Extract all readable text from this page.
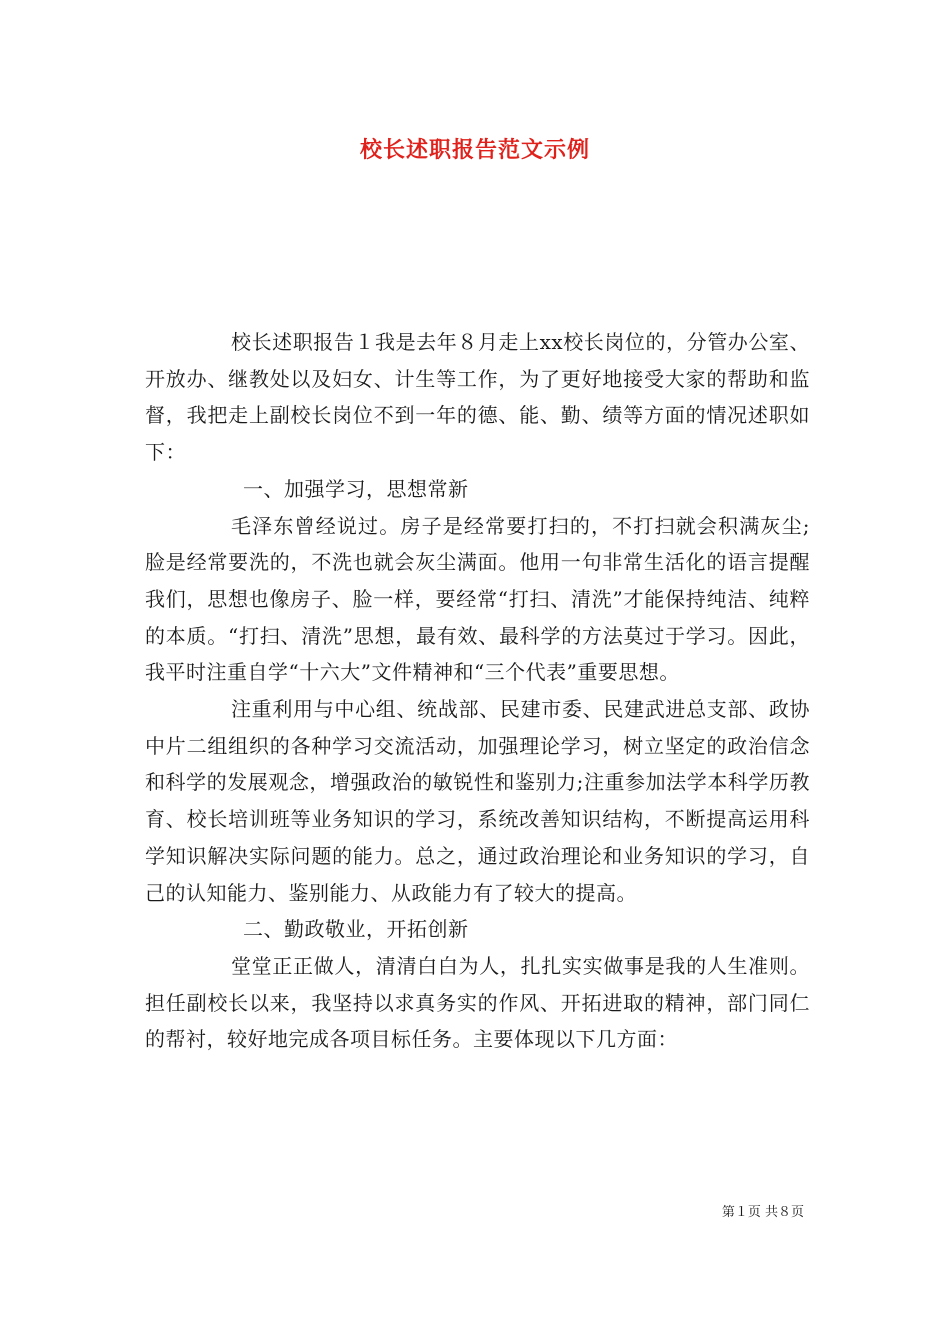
校长述职报告范文示例

校长述职报告１我是去年８月走上xx校长岗位的，分管办公室、开放办、继教处以及妇女、计生等工作，为了更好地接受大家的帮助和监督，我把走上副校长岗位不到一年的德、能、勤、绩等方面的情况述职如下：

一、加强学习，思想常新

毛泽东曾经说过。房子是经常要打扫的，不打扫就会积满灰尘;脸是经常要洗的，不洗也就会灰尘满面。他用一句非常生活化的语言提醒我们，思想也像房子、脸一样，要经常“打扫、清洗”才能保持纯洁、纯粹的本质。“打扫、清洗”思想，最有效、最科学的方法莫过于学习。因此，我平时注重自学“十六大”文件精神和“三个代表”重要思想。

注重利用与中心组、统战部、民建市委、民建武进总支部、政协中片二组组织的各种学习交流活动，加强理论学习，树立坚定的政治信念和科学的发展观念，增强政治的敏锐性和鉴别力;注重参加法学本科学历教育、校长培训班等业务知识的学习，系统改善知识结构，不断提高运用科学知识解决实际问题的能力。总之，通过政治理论和业务知识的学习，自己的认知能力、鉴别能力、从政能力有了较大的提高。

二、勤政敬业，开拓创新

堂堂正正做人，清清白白为人，扎扎实实做事是我的人生准则。担任副校长以来，我坚持以求真务实的作风、开拓进取的精神，部门同仁的帮衬，较好地完成各项目标任务。主要体现以下几方面：

第１页 共８页
